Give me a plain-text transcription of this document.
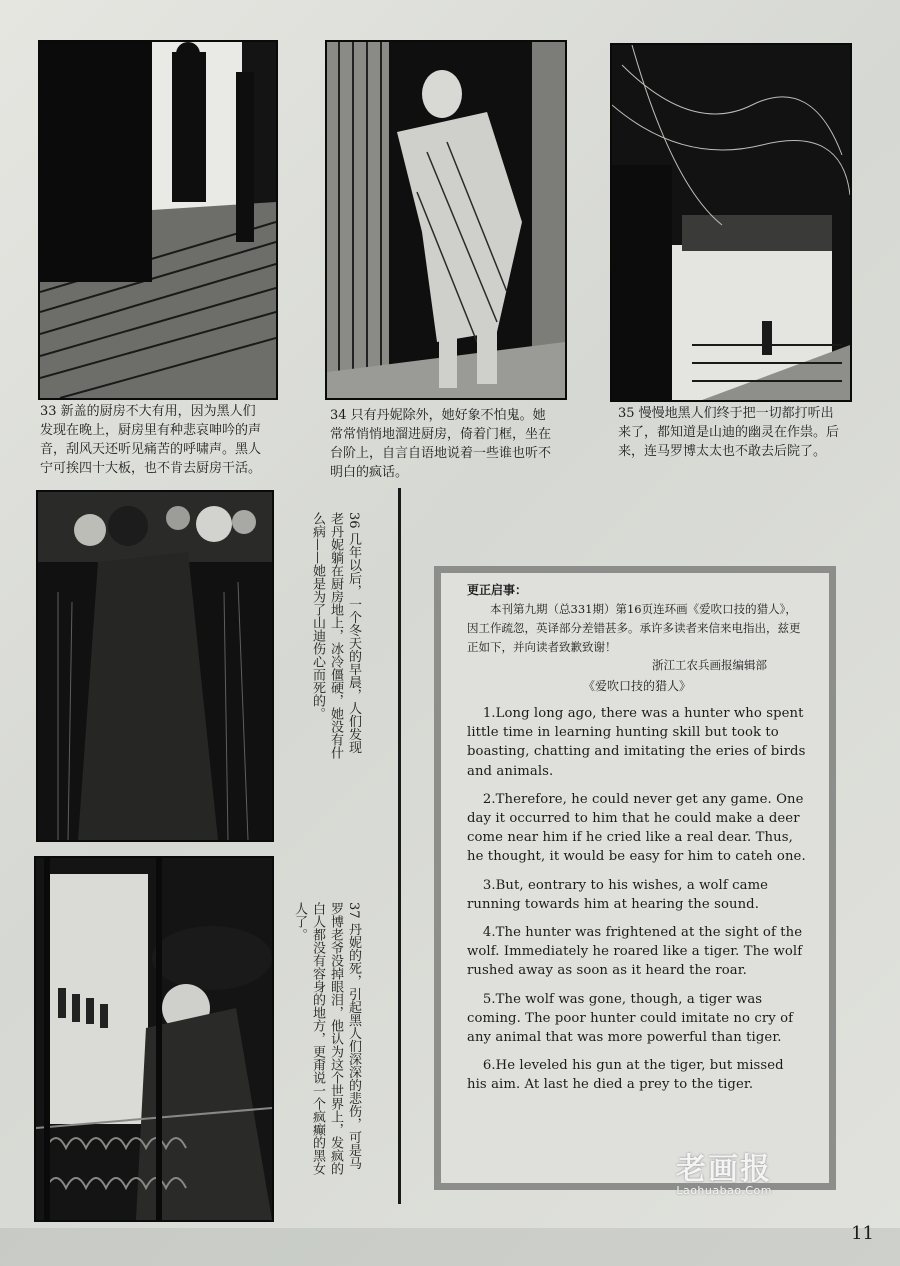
33 新盖的厨房不大有用，因为黑人们发现在晚上，厨房里有种悲哀呻吟的声音，刮风天还听见痛苦的呼啸声。黑人宁可挨四十大板，也不肯去厨房干活。
34 只有丹妮除外，她好象不怕鬼。她常常悄悄地溜进厨房，倚着门框，坐在台阶上，自言自语地说着一些谁也听不明白的疯话。
35 慢慢地黑人们终于把一切都打听出来了，都知道是山迪的幽灵在作祟。后来，连马罗博太太也不敢去后院了。
36 几年以后，一个冬天的早晨，人们发现老丹妮躺在厨房地上，冰冷僵硬，她没有什么病——她是为了山迪伤心而死的。
37 丹妮的死，引起黑人们深深的悲伤，可是马罗博老爷没掉眼泪，他认为这个世界上，发疯的白人都没有容身的地方，更甭说一个疯癫的黑女人了。

更正启事：

本刊第九期（总331期）第16页连环画《爱吹口技的猎人》，因工作疏忽，英译部分差错甚多。承许多读者来信来电指出，兹更正如下，并向读者致歉致谢！

浙江工农兵画报编辑部

《爱吹口技的猎人》

1.Long long ago, there was a hunter who spent little time in learning hunting skill but took to boasting, chatting and imitating the eries of birds and animals.

2.Therefore, he could never get any game. One day it occurred to him that he could make a deer come near him if he cried like a real dear. Thus, he thought, it would be easy for him to cateh one.

3.But, eontrary to his wishes, a wolf came running towards him at hearing the sound.

4.The hunter was frightened at the sight of the wolf. Immediately he roared like a tiger. The wolf rushed away as soon as it heard the roar.

5.The wolf was gone, though, a tiger was coming. The poor hunter could imitate no cry of any animal that was more powerful than tiger.

6.He leveled his gun at the tiger, but missed his aim. At last he died a prey to the tiger.

老画报
Laohuabao.Com
11
